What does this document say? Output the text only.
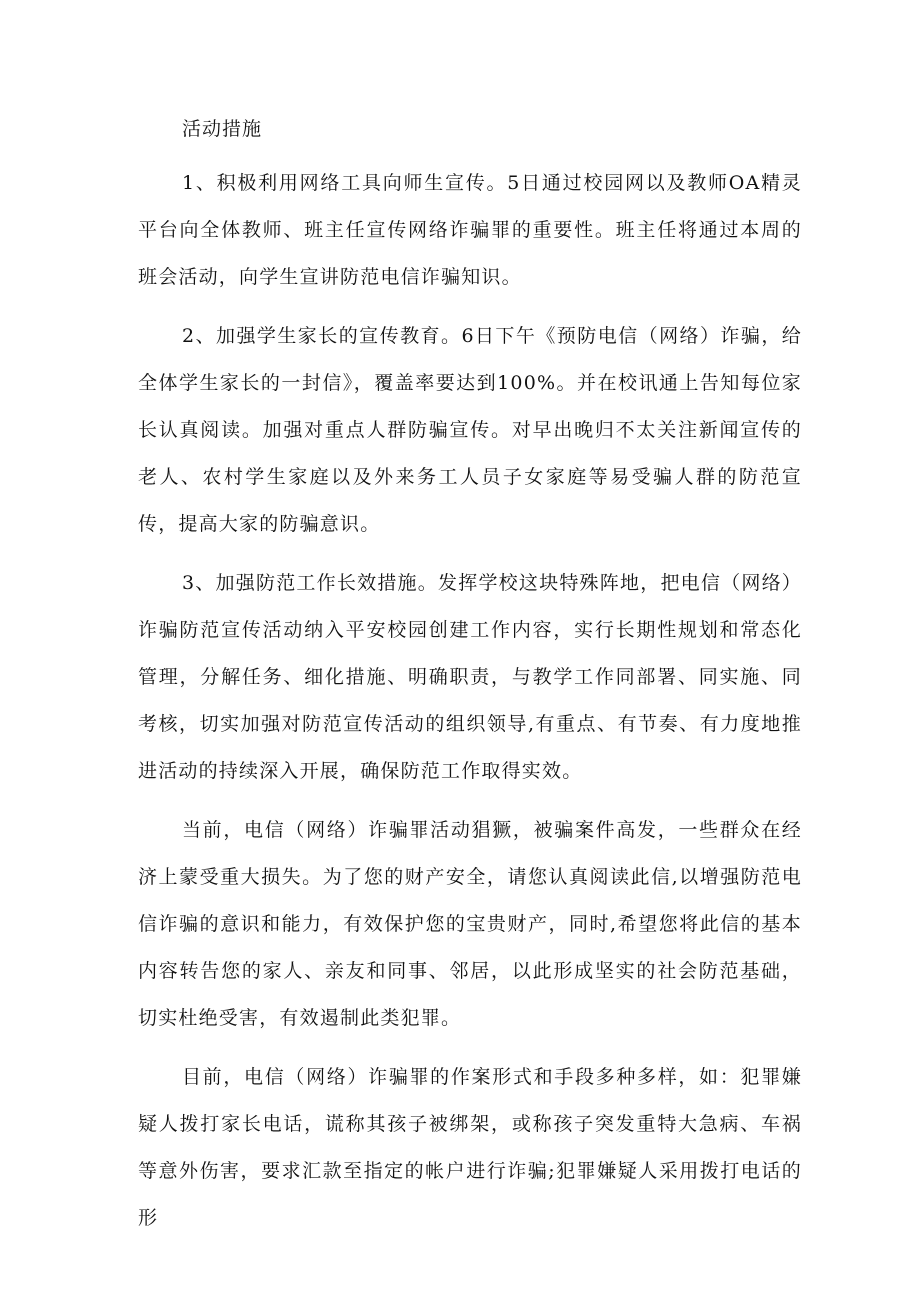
活动措施

1、积极利用网络工具向师生宣传。5日通过校园网以及教师OA精灵平台向全体教师、班主任宣传网络诈骗罪的重要性。班主任将通过本周的班会活动，向学生宣讲防范电信诈骗知识。

2、加强学生家长的宣传教育。6日下午《预防电信（网络）诈骗，给全体学生家长的一封信》，覆盖率要达到100%。并在校讯通上告知每位家长认真阅读。加强对重点人群防骗宣传。对早出晚归不太关注新闻宣传的老人、农村学生家庭以及外来务工人员子女家庭等易受骗人群的防范宣传，提高大家的防骗意识。

3、加强防范工作长效措施。发挥学校这块特殊阵地，把电信（网络）诈骗防范宣传活动纳入平安校园创建工作内容，实行长期性规划和常态化管理，分解任务、细化措施、明确职责，与教学工作同部署、同实施、同考核，切实加强对防范宣传活动的组织领导,有重点、有节奏、有力度地推进活动的持续深入开展，确保防范工作取得实效。

当前，电信（网络）诈骗罪活动猖獗，被骗案件高发，一些群众在经济上蒙受重大损失。为了您的财产安全，请您认真阅读此信,以增强防范电信诈骗的意识和能力，有效保护您的宝贵财产，同时,希望您将此信的基本内容转告您的家人、亲友和同事、邻居，以此形成坚实的社会防范基础，切实杜绝受害，有效遏制此类犯罪。

目前，电信（网络）诈骗罪的作案形式和手段多种多样，如：犯罪嫌疑人拨打家长电话，谎称其孩子被绑架，或称孩子突发重特大急病、车祸等意外伤害，要求汇款至指定的帐户进行诈骗;犯罪嫌疑人采用拨打电话的形
